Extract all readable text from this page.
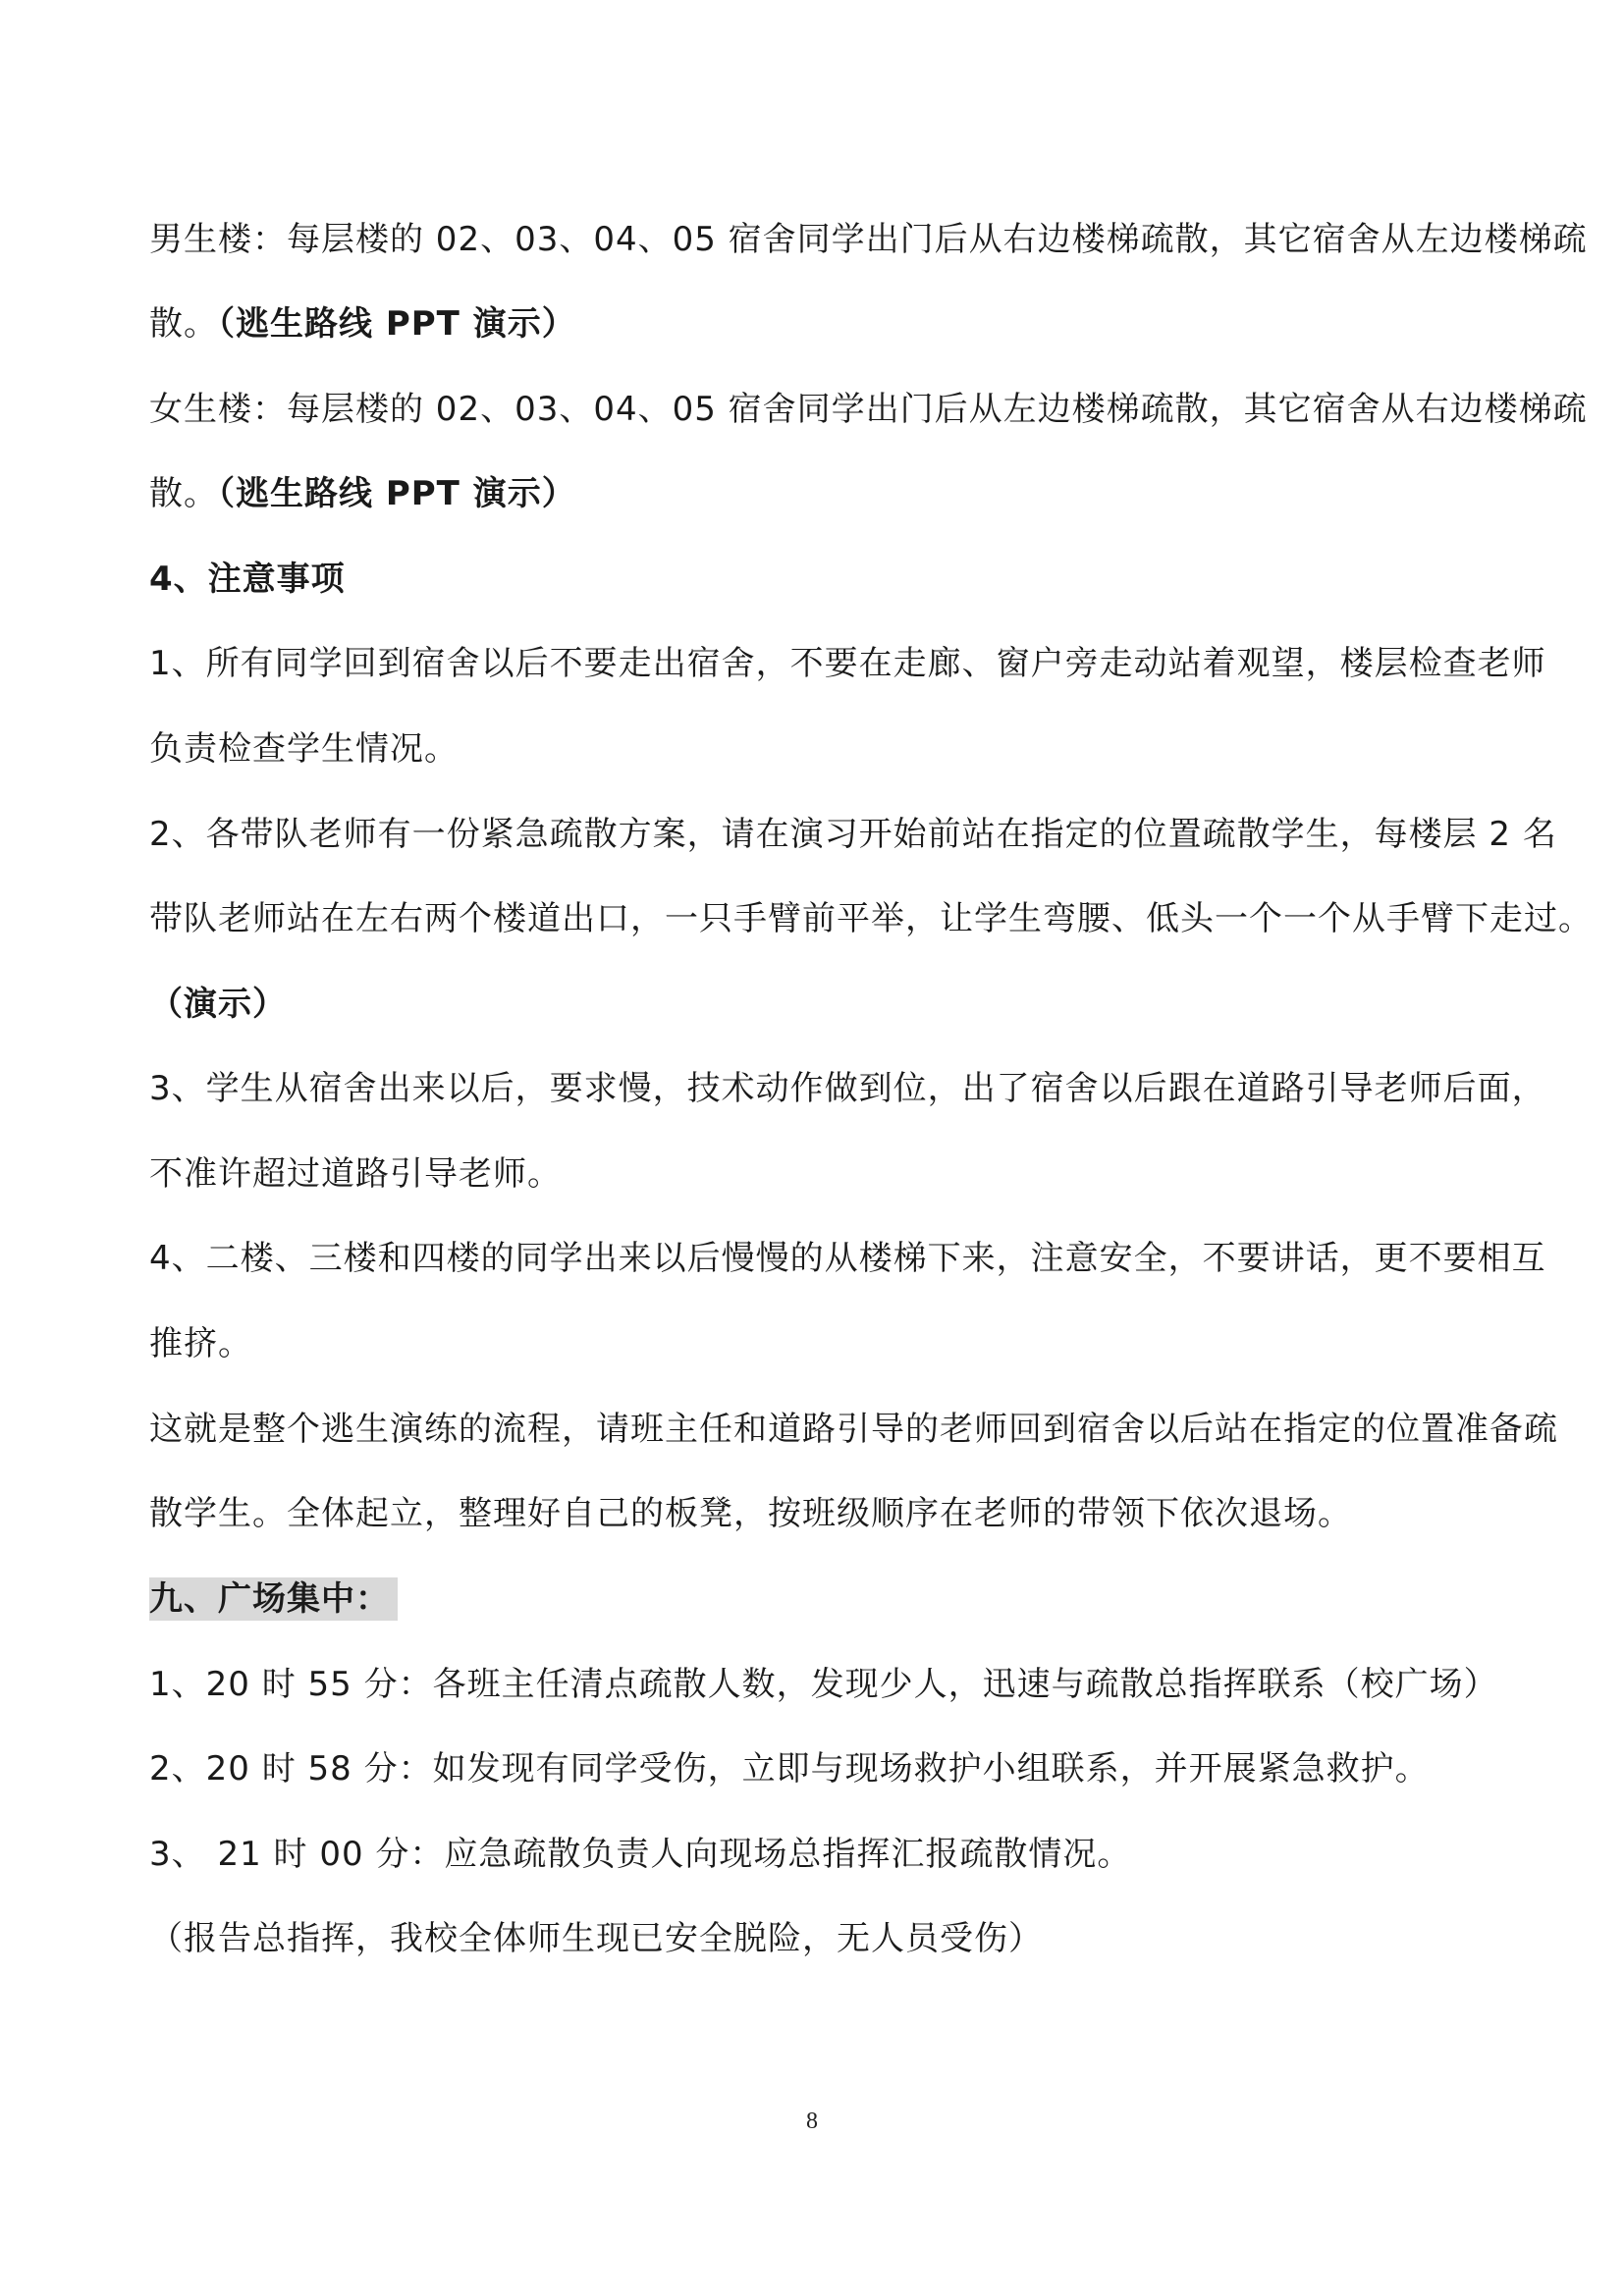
男生楼：每层楼的 02、03、04、05 宿舍同学出门后从右边楼梯疏散，其它宿舍从左边楼梯疏
散。（逃生路线 PPT 演示）
女生楼：每层楼的 02、03、04、05 宿舍同学出门后从左边楼梯疏散，其它宿舍从右边楼梯疏
散。（逃生路线 PPT 演示）
4、注意事项
1、所有同学回到宿舍以后不要走出宿舍，不要在走廊、窗户旁走动站着观望，楼层检查老师
负责检查学生情况。
2、各带队老师有一份紧急疏散方案，请在演习开始前站在指定的位置疏散学生，每楼层 2 名
带队老师站在左右两个楼道出口，一只手臂前平举，让学生弯腰、低头一个一个从手臂下走过。
（演示）
3、学生从宿舍出来以后，要求慢，技术动作做到位，出了宿舍以后跟在道路引导老师后面，
不准许超过道路引导老师。
4、二楼、三楼和四楼的同学出来以后慢慢的从楼梯下来，注意安全，不要讲话，更不要相互
推挤。
这就是整个逃生演练的流程，请班主任和道路引导的老师回到宿舍以后站在指定的位置准备疏
散学生。全体起立，整理好自己的板凳，按班级顺序在老师的带领下依次退场。
九、广场集中：
1、20 时 55 分：各班主任清点疏散人数，发现少人，迅速与疏散总指挥联系（校广场）
2、20 时 58 分：如发现有同学受伤，立即与现场救护小组联系，并开展紧急救护。
3、 21 时 00 分：应急疏散负责人向现场总指挥汇报疏散情况。
（报告总指挥，我校全体师生现已安全脱险，无人员受伤）
8
